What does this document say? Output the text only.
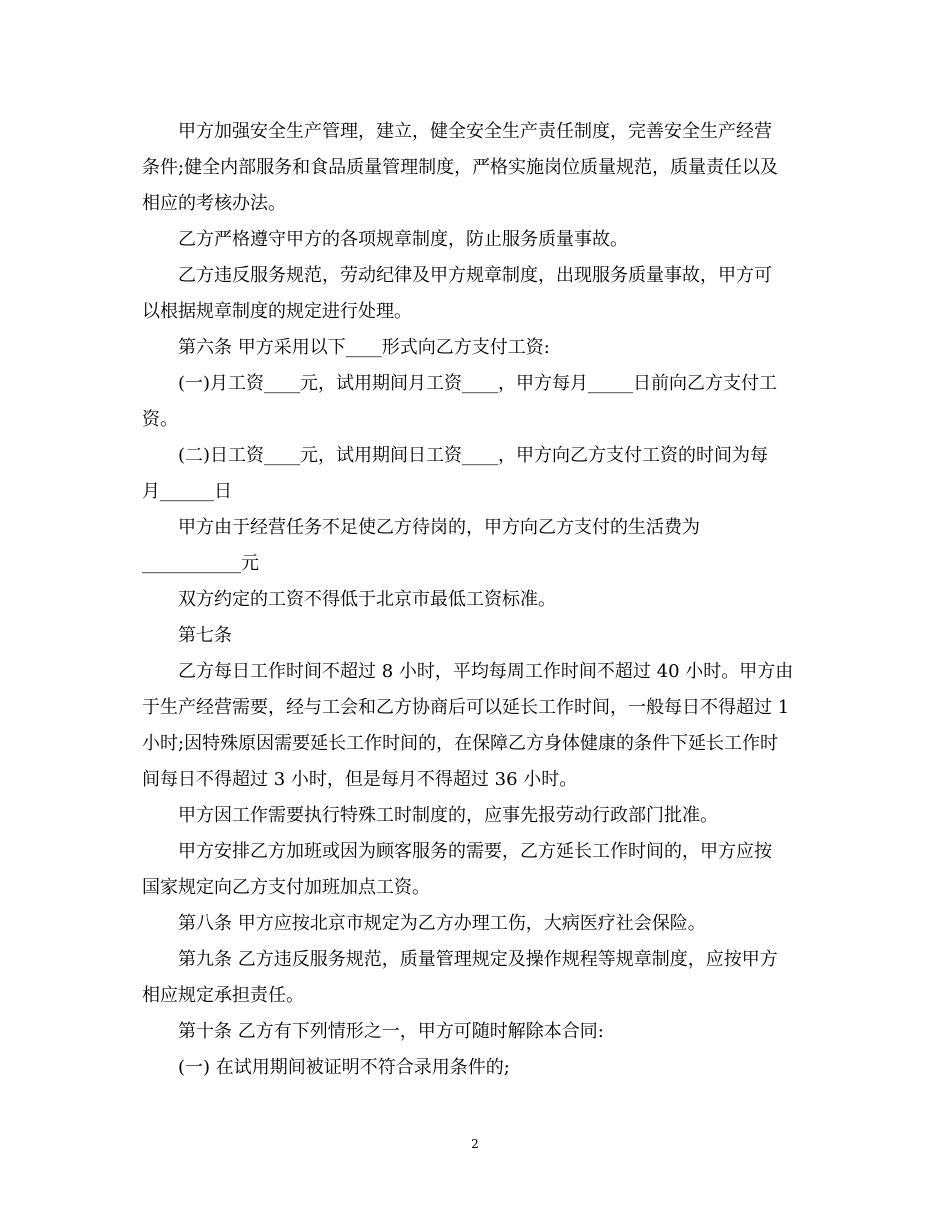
甲方加强安全生产管理，建立，健全安全生产责任制度，完善安全生产经营
条件;健全内部服务和食品质量管理制度，严格实施岗位质量规范，质量责任以及
相应的考核办法。
乙方严格遵守甲方的各项规章制度，防止服务质量事故。
乙方违反服务规范，劳动纪律及甲方规章制度，出现服务质量事故，甲方可
以根据规章制度的规定进行处理。
第六条 甲方采用以下____形式向乙方支付工资:
(一)月工资____元，试用期间月工资____，甲方每月_____日前向乙方支付工
资。
(二)日工资____元，试用期间日工资____，甲方向乙方支付工资的时间为每
月______日
甲方由于经营任务不足使乙方待岗的，甲方向乙方支付的生活费为
___________元
双方约定的工资不得低于北京市最低工资标准。
第七条
乙方每日工作时间不超过 8 小时，平均每周工作时间不超过 40 小时。甲方由
于生产经营需要，经与工会和乙方协商后可以延长工作时间，一般每日不得超过 1
小时;因特殊原因需要延长工作时间的，在保障乙方身体健康的条件下延长工作时
间每日不得超过 3 小时，但是每月不得超过 36 小时。
甲方因工作需要执行特殊工时制度的，应事先报劳动行政部门批准。
甲方安排乙方加班或因为顾客服务的需要，乙方延长工作时间的，甲方应按
国家规定向乙方支付加班加点工资。
第八条 甲方应按北京市规定为乙方办理工伤，大病医疗社会保险。
第九条 乙方违反服务规范，质量管理规定及操作规程等规章制度，应按甲方
相应规定承担责任。
第十条 乙方有下列情形之一，甲方可随时解除本合同:
(一) 在试用期间被证明不符合录用条件的;
2
